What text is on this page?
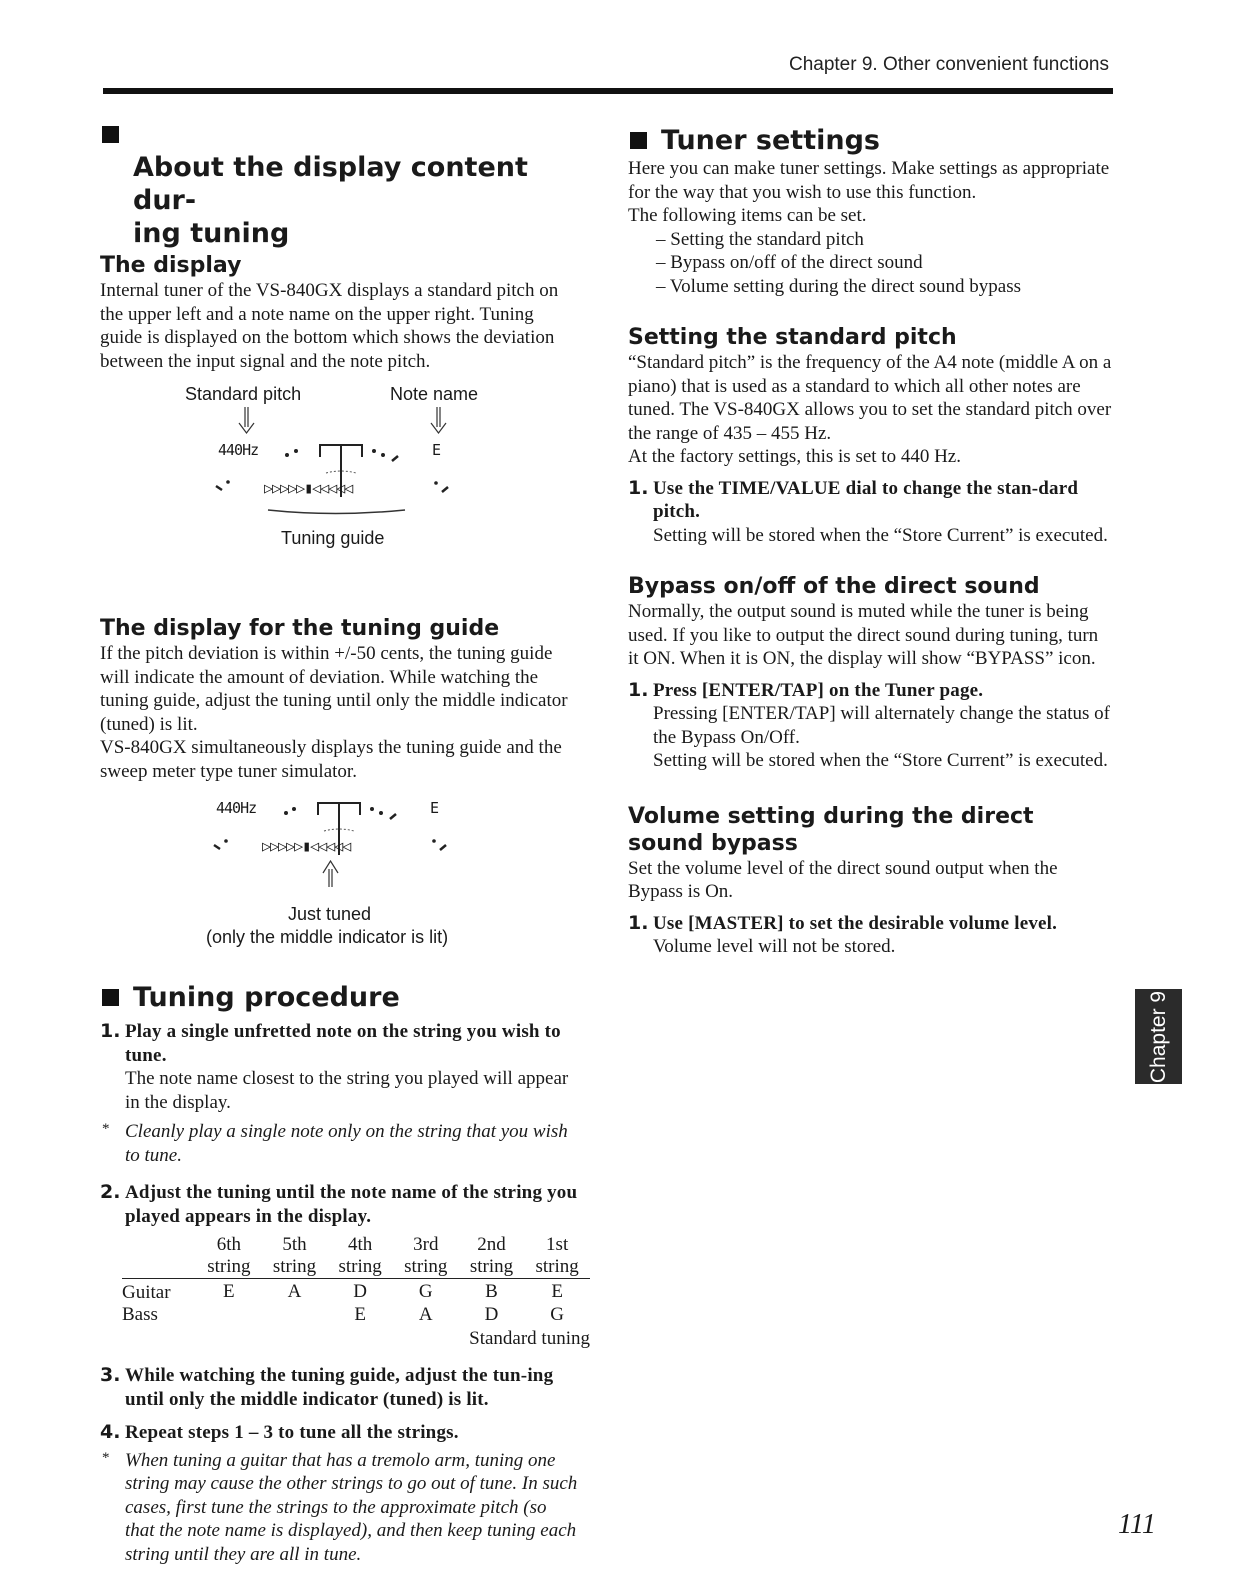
Chapter 9. Other convenient functions

About the display content dur-
ing tuning

The display

Internal tuner of the VS-840GX displays a standard pitch on the upper left and a note name on the upper right. Tuning guide is displayed on the bottom which shows the deviation between the input signal and the note pitch.

Standard pitch	Note name
440Hz	E
▷▷▷▷▷▮◁◁◁◁◁
Tuning guide
The display for the tuning guide

If the pitch deviation is within +/-50 cents, the tuning guide will indicate the amount of deviation. While watching the tuning guide, adjust the tuning until only the middle indicator (tuned) is lit.

VS-840GX simultaneously displays the tuning guide and the sweep meter type tuner simulator.

440Hz	E
▷▷▷▷▷▮◁◁◁◁◁
Just tuned
(only the middle indicator is lit)
Tuning procedure
1. Play a single unfretted note on the string you wish to tune.

The note name closest to the string you played will appear in the display.

* Cleanly play a single note only on the string that you wish to tune.

2. Adjust the tuning until the note name of the string you played appears in the display.

	6th	5th	4th	3rd	2nd	1st
	string	string	string	string	string	string
Guitar	E	A	D	G	B	E
Bass			E	A	D	G
Standard tuning						
3. While watching the tuning guide, adjust the tun-ing until only the middle indicator (tuned) is lit.

4. Repeat steps 1 – 3 to tune all the strings.

* When tuning a guitar that has a tremolo arm, tuning one string may cause the other strings to go out of tune. In such cases, first tune the strings to the approximate pitch (so that the note name is displayed), and then keep tuning each string until they are all in tune.

Tuner settings

Here you can make tuner settings. Make settings as appropriate for the way that you wish to use this function.

The following items can be set.

– Setting the standard pitch

– Bypass on/off of the direct sound

– Volume setting during the direct sound bypass

Setting the standard pitch

“Standard pitch” is the frequency of the A4 note (middle A on a piano) that is used as a standard to which all other notes are tuned. The VS-840GX allows you to set the standard pitch over the range of 435 – 455 Hz.

At the factory settings, this is set to 440 Hz.

1. Use the TIME/VALUE dial to change the stan-dard pitch.

Setting will be stored when the “Store Current” is executed.

Bypass on/off of the direct sound

Normally, the output sound is muted while the tuner is being used. If you like to output the direct sound during tuning, turn it ON. When it is ON, the display will show “BYPASS” icon.

1. Press [ENTER/TAP] on the Tuner page.

Pressing [ENTER/TAP] will alternately change the status of the Bypass On/Off.

Setting will be stored when the “Store Current” is executed.

Volume setting during the direct sound bypass

Set the volume level of the direct sound output when the Bypass is On.

1. Use [MASTER] to set the desirable volume level.

Volume level will not be stored.

Chapter 9
111
